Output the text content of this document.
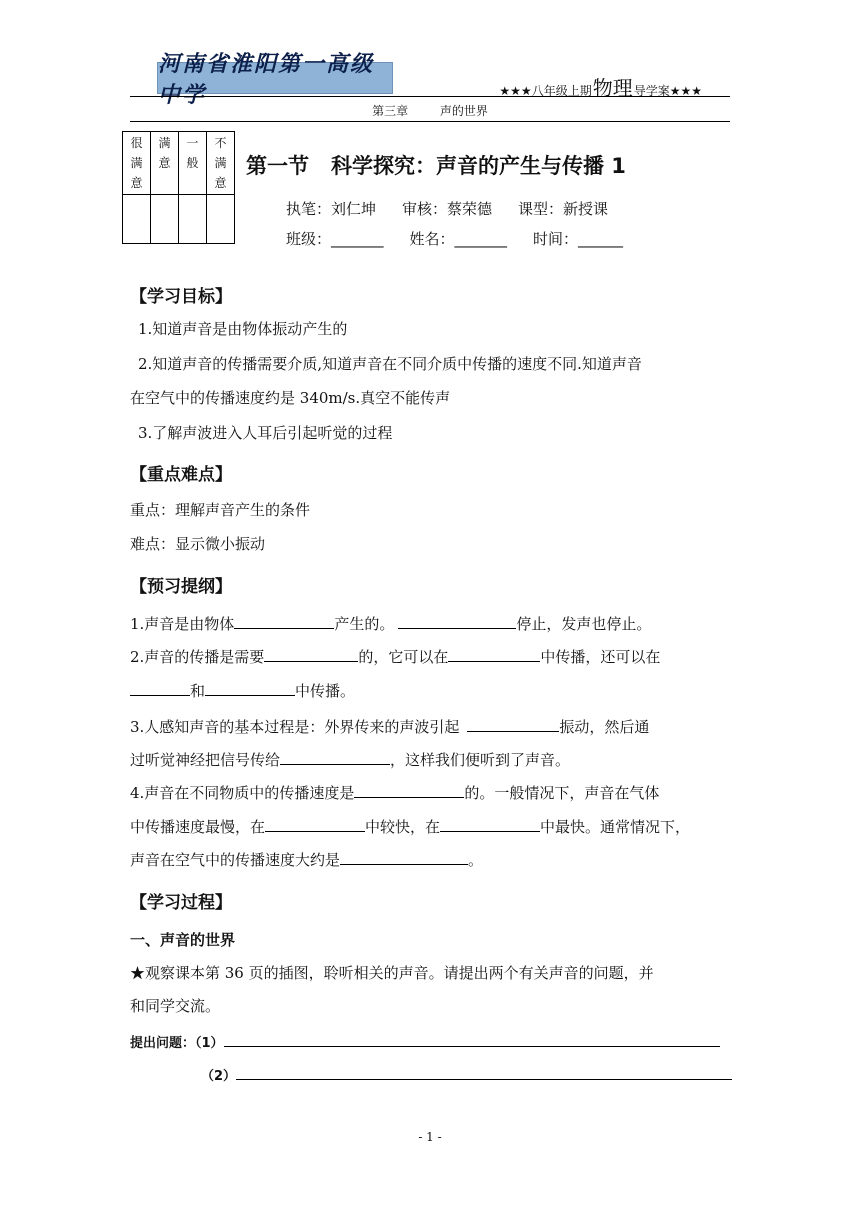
河南省淮阳第一高级中学	★★★ 八年级上期 物理 导学案 ★★★
第三章	声的世界
很满意	满意	一般	不满意

第一节 科学探究：声音的产生与传播 1
执笔：刘仁坤 审核：蔡荣德 课型：新授课
班级：_______ 姓名：_______ 时间：______
【学习目标】
1.知道声音是由物体振动产生的
2.知道声音的传播需要介质,知道声音在不同介质中传播的速度不同.知道声音
在空气中的传播速度约是 340m/s.真空不能传声
3.了解声波进入人耳后引起听觉的过程
【重点难点】
重点：理解声音产生的条件
难点：显示微小振动
【预习提纲】
1.声音是由物体	产生的。	停止，发声也停止。
2.声音的传播是需要	的，它可以在	中传播，还可以在
和	中传播。
3.人感知声音的基本过程是：外界传来的声波引起	振动，然后通
过听觉神经把信号传给	，这样我们便听到了声音。
4.声音在不同物质中的传播速度是	的。一般情况下，声音在气体
中传播速度最慢，在	中较快，在	中最快。通常情况下，
声音在空气中的传播速度大约是	。
【学习过程】
一、声音的世界
★观察课本第 36 页的插图，聆听相关的声音。请提出两个有关声音的问题，并
和同学交流。
提出问题：（1）
（2）
- 1 -
